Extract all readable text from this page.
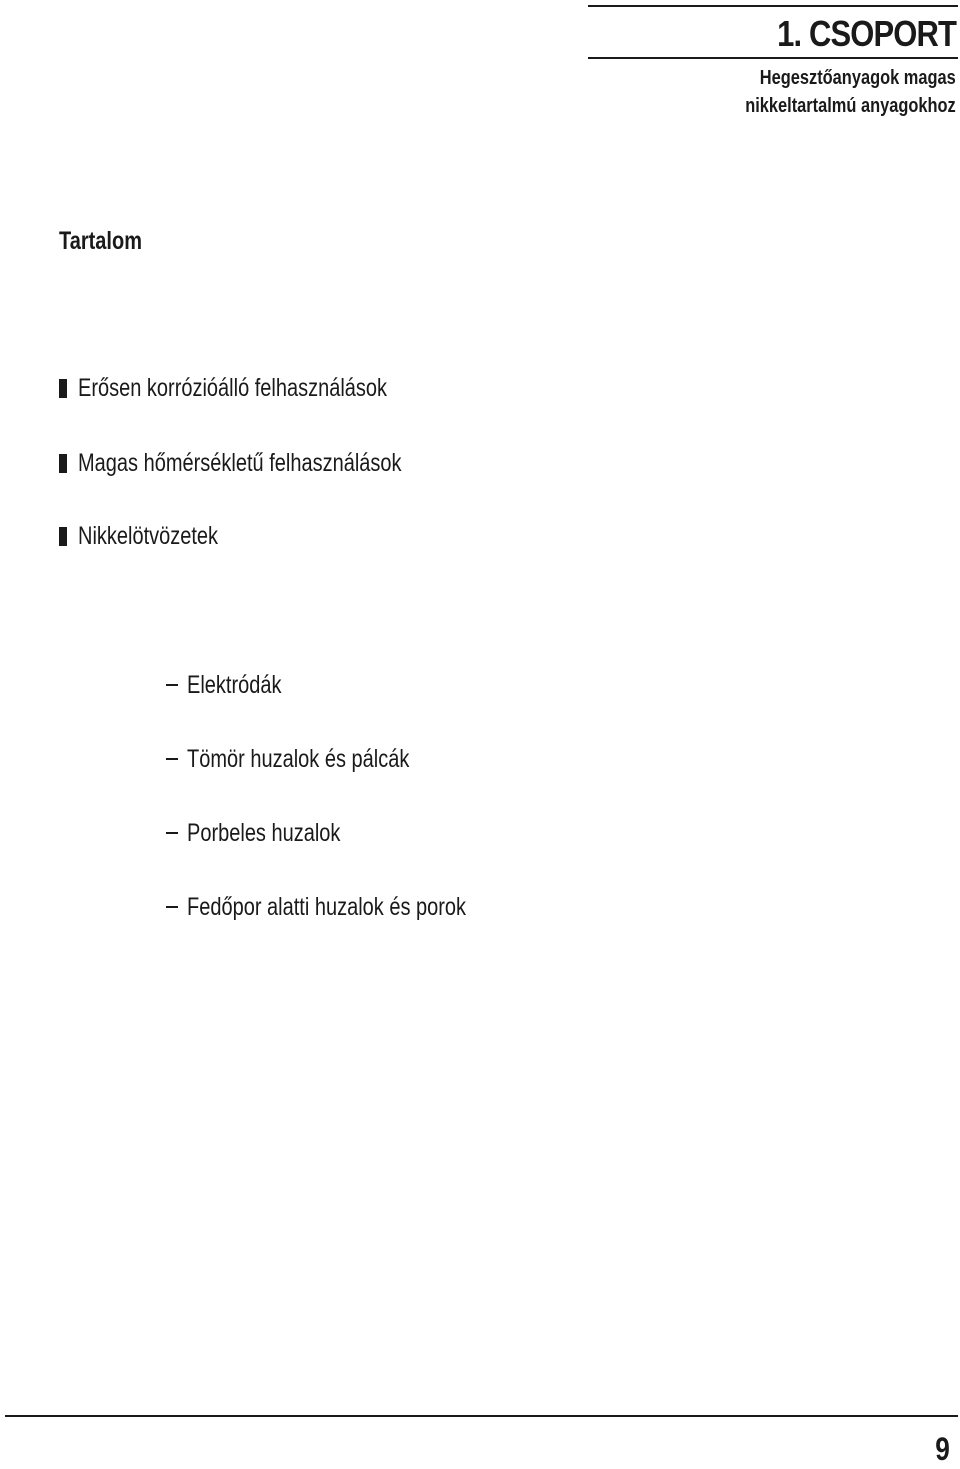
1. CSOPORT
Hegesztőanyagok magas
nikkeltartalmú anyagokhoz
Tartalom
Erősen korrózióálló felhasználások
Magas hőmérsékletű felhasználások
Nikkelötvözetek
Elektródák
Tömör huzalok és pálcák
Porbeles huzalok
Fedőpor alatti huzalok és porok
9
